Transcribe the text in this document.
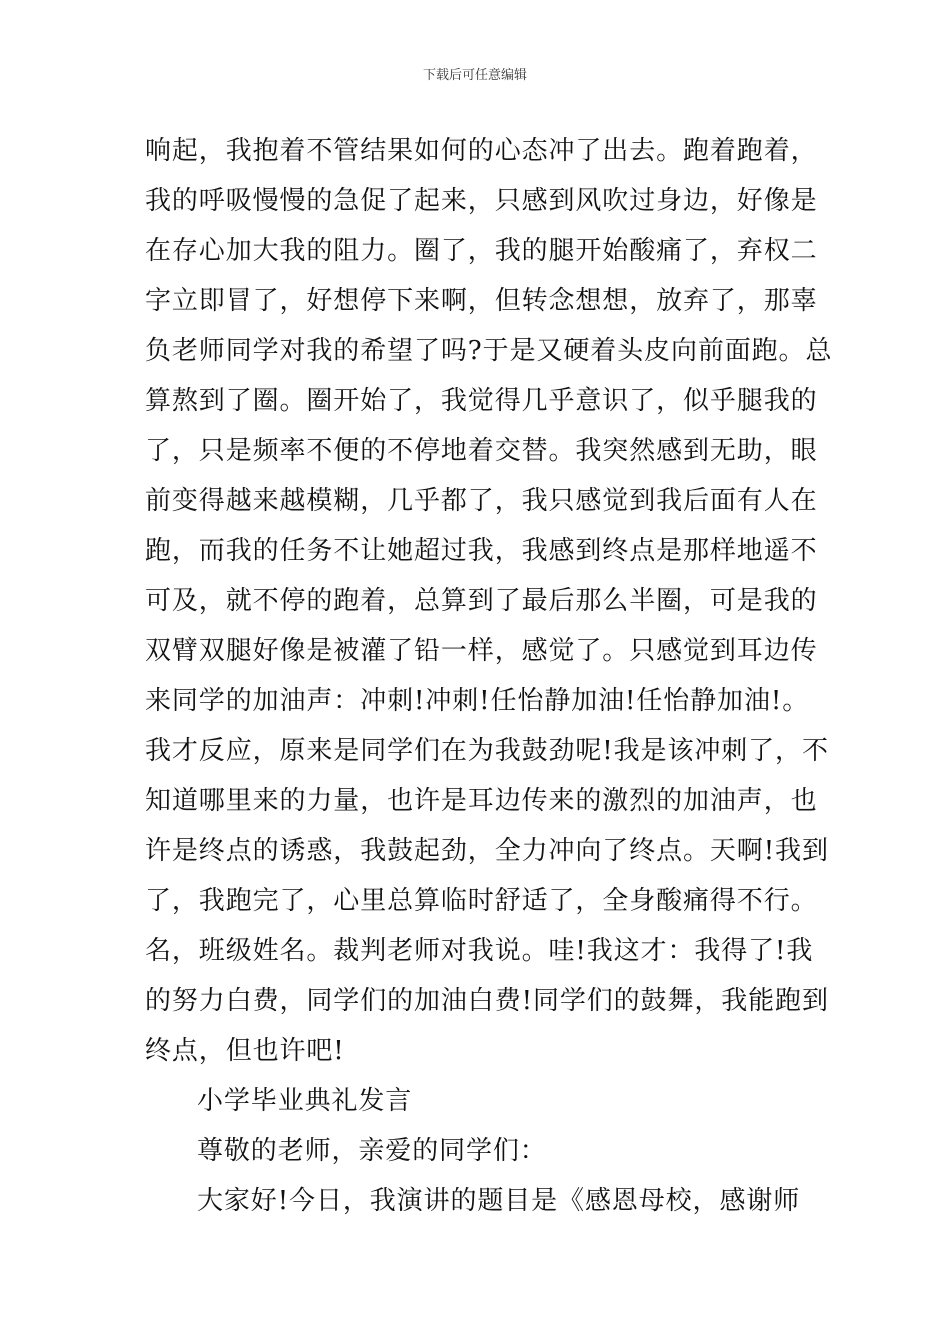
下载后可任意编辑
响起，我抱着不管结果如何的心态冲了出去。跑着跑着，
我的呼吸慢慢的急促了起来，只感到风吹过身边，好像是
在存心加大我的阻力。圈了，我的腿开始酸痛了，弃权二
字立即冒了，好想停下来啊，但转念想想，放弃了，那辜
负老师同学对我的希望了吗?于是又硬着头皮向前面跑。总
算熬到了圈。圈开始了，我觉得几乎意识了，似乎腿我的
了，只是频率不便的不停地着交替。我突然感到无助，眼
前变得越来越模糊，几乎都了，我只感觉到我后面有人在
跑，而我的任务不让她超过我，我感到终点是那样地遥不
可及，就不停的跑着，总算到了最后那么半圈，可是我的
双臂双腿好像是被灌了铅一样，感觉了。只感觉到耳边传
来同学的加油声：冲刺!冲刺!任怡静加油!任怡静加油!。
我才反应，原来是同学们在为我鼓劲呢!我是该冲刺了，不
知道哪里来的力量，也许是耳边传来的激烈的加油声，也
许是终点的诱惑，我鼓起劲，全力冲向了终点。天啊!我到
了，我跑完了，心里总算临时舒适了，全身酸痛得不行。
名，班级姓名。裁判老师对我说。哇!我这才：我得了!我
的努力白费，同学们的加油白费!同学们的鼓舞，我能跑到
终点，但也许吧!
小学毕业典礼发言
尊敬的老师，亲爱的同学们：
大家好!今日，我演讲的题目是《感恩母校，感谢师
